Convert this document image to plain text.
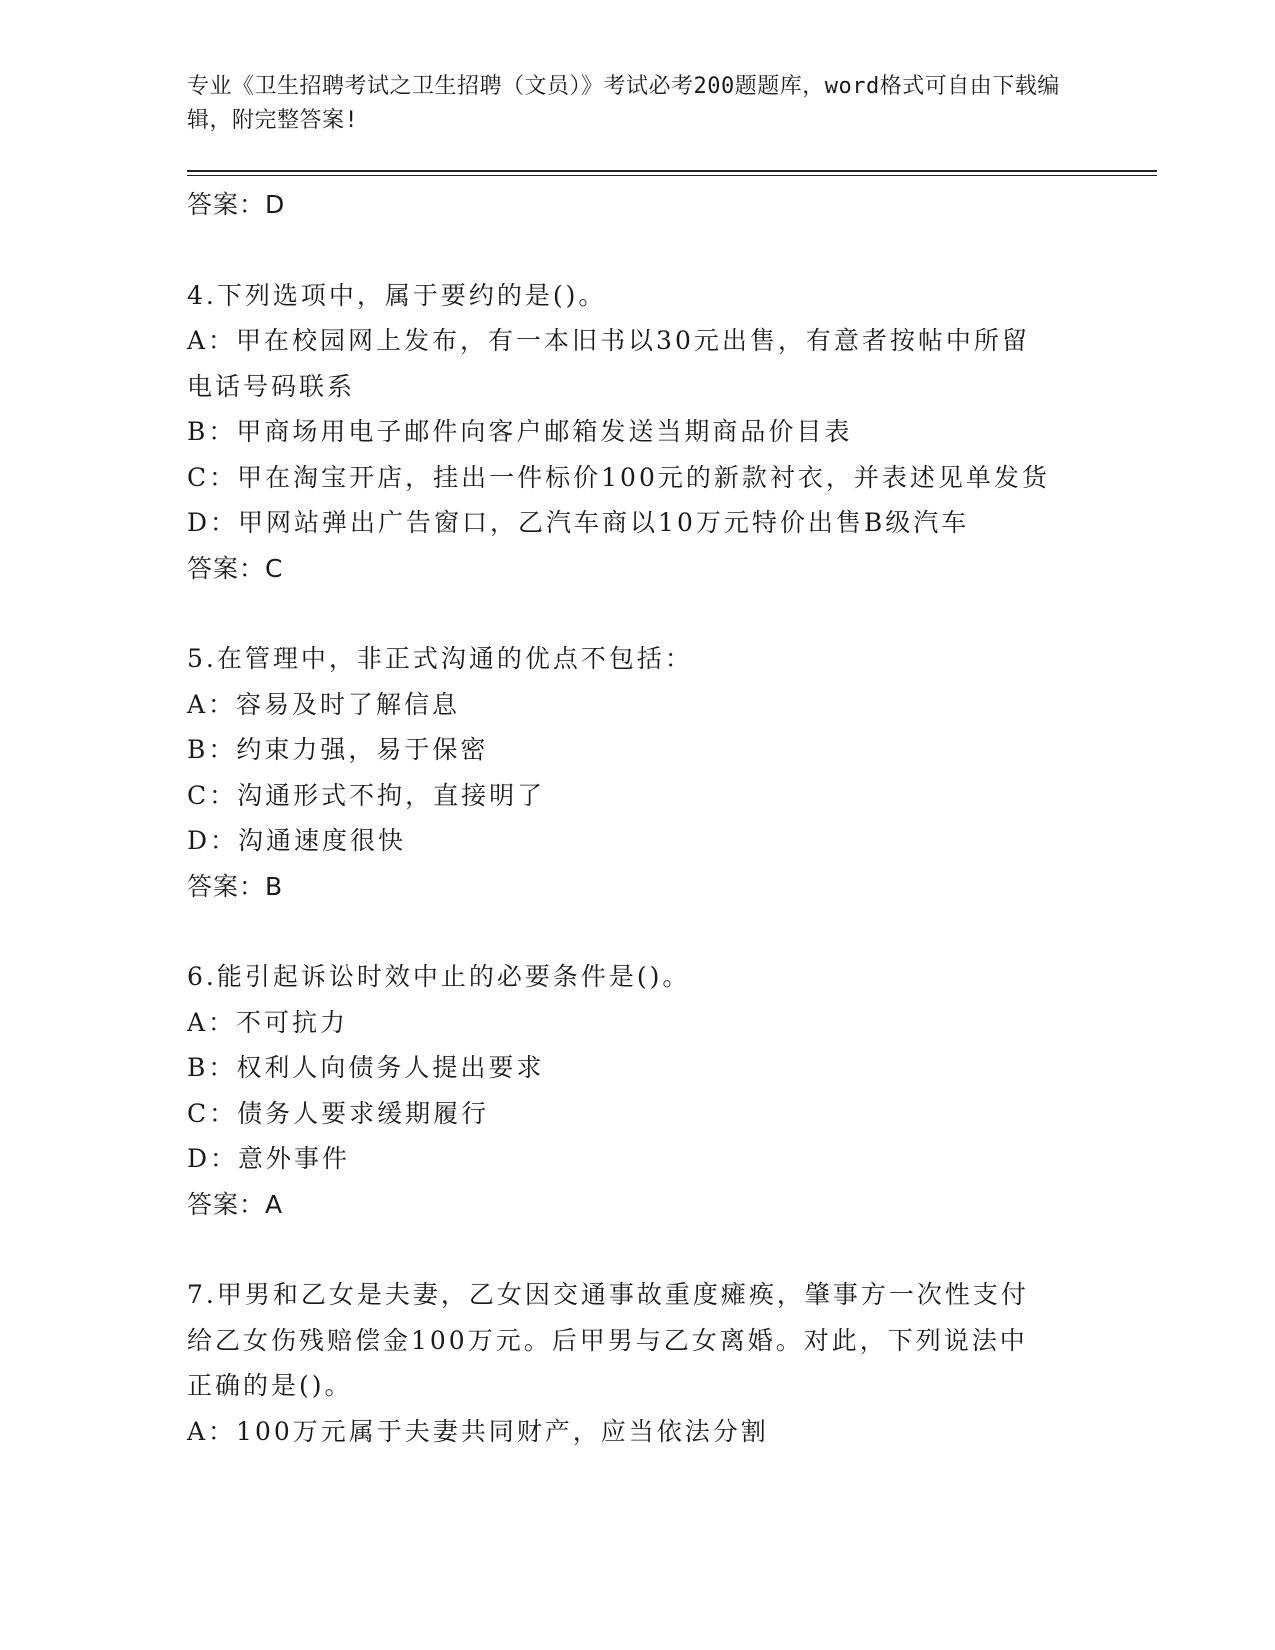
专业《卫生招聘考试之卫生招聘（文员）》考试必考200题题库，word格式可自由下载编辑，附完整答案!
答案：D
4.下列选项中，属于要约的是()。
A：甲在校园网上发布，有一本旧书以30元出售，有意者按帖中所留电话号码联系
B：甲商场用电子邮件向客户邮箱发送当期商品价目表
C：甲在淘宝开店，挂出一件标价100元的新款衬衣，并表述见单发货
D：甲网站弹出广告窗口，乙汽车商以10万元特价出售B级汽车
答案：C
5.在管理中，非正式沟通的优点不包括：
A：容易及时了解信息
B：约束力强，易于保密
C：沟通形式不拘，直接明了
D：沟通速度很快
答案：B
6.能引起诉讼时效中止的必要条件是()。
A：不可抗力
B：权利人向债务人提出要求
C：债务人要求缓期履行
D：意外事件
答案：A
7.甲男和乙女是夫妻，乙女因交通事故重度瘫痪，肇事方一次性支付给乙女伤残赔偿金100万元。后甲男与乙女离婚。对此，下列说法中正确的是()。
A：100万元属于夫妻共同财产，应当依法分割
